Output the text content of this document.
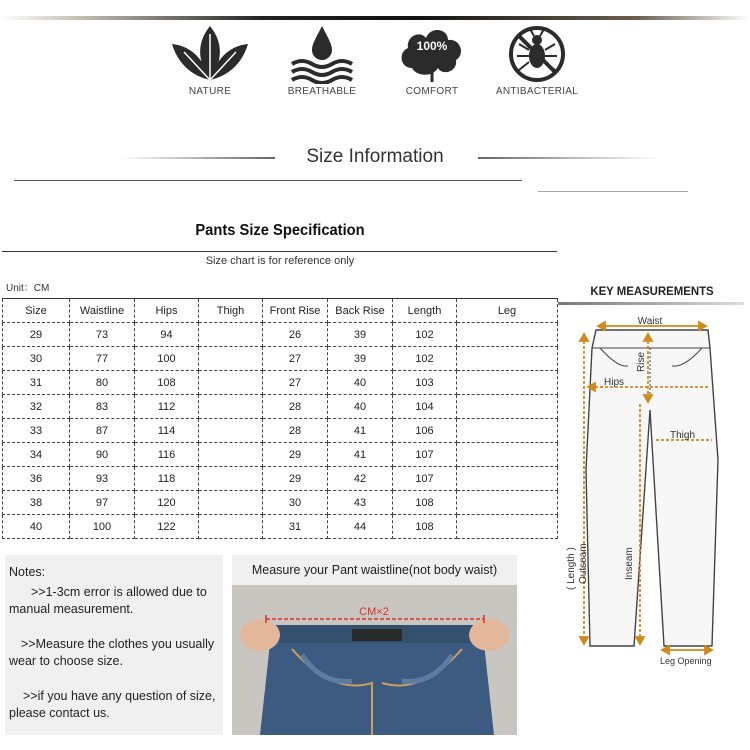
NATURE	BREATHABLE
100%
COMFORT	ANTIBACTERIAL
Size Information
Pants Size Specification
Size chart is for reference only
Unit：CM
Size	Waistline	Hips	Thigh	Front Rise	Back Rise	Length	Leg
29	73	94		26	39	102	
30	77	100		27	39	102	
31	80	108		27	40	103	
32	83	112		28	40	104	
33	87	114		28	41	106	
34	90	116		29	41	107	
36	93	118		29	42	107	
38	97	120		30	43	108	
40	100	122		31	44	108	
KEY MEASUREMENTS
Waist
Rise
Hips
Thigh
( Length ) Outseam	Inseam
Leg Opening

Notes:

>>1-3cm error is allowed due to manual measurement.

>>Measure the clothes you usually wear to choose size.

>>if you have any question of size, please contact us.

Measure your Pant waistline(not body waist)
CM×2
